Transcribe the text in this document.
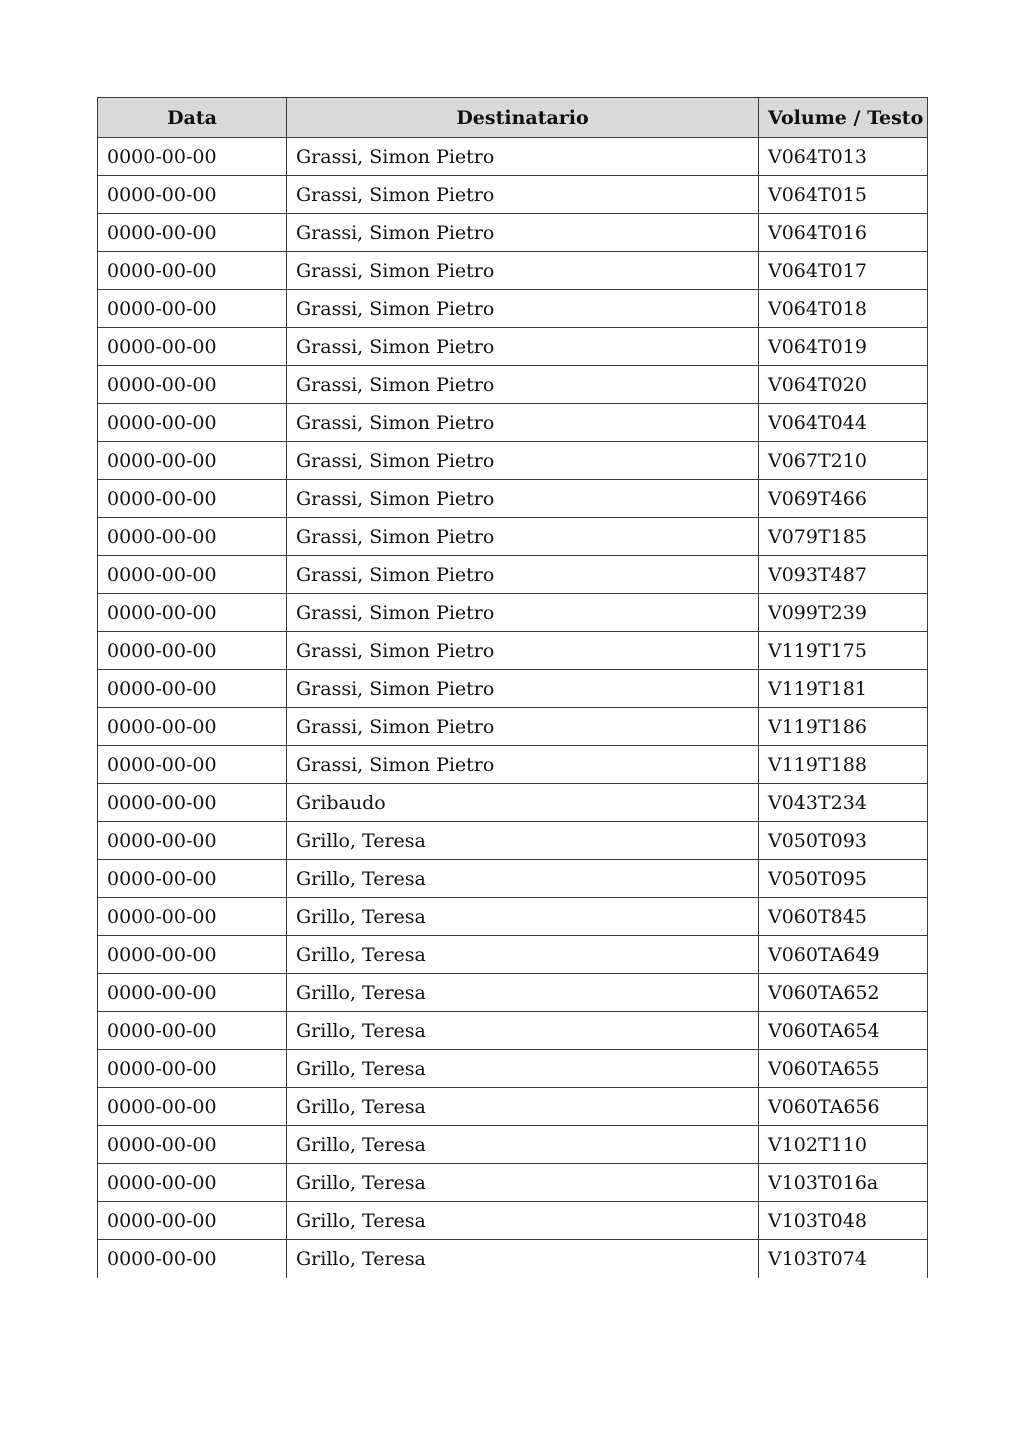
Data	Destinatario	Volume / Testo
0000-00-00	Grassi, Simon Pietro	V064T013
0000-00-00	Grassi, Simon Pietro	V064T015
0000-00-00	Grassi, Simon Pietro	V064T016
0000-00-00	Grassi, Simon Pietro	V064T017
0000-00-00	Grassi, Simon Pietro	V064T018
0000-00-00	Grassi, Simon Pietro	V064T019
0000-00-00	Grassi, Simon Pietro	V064T020
0000-00-00	Grassi, Simon Pietro	V064T044
0000-00-00	Grassi, Simon Pietro	V067T210
0000-00-00	Grassi, Simon Pietro	V069T466
0000-00-00	Grassi, Simon Pietro	V079T185
0000-00-00	Grassi, Simon Pietro	V093T487
0000-00-00	Grassi, Simon Pietro	V099T239
0000-00-00	Grassi, Simon Pietro	V119T175
0000-00-00	Grassi, Simon Pietro	V119T181
0000-00-00	Grassi, Simon Pietro	V119T186
0000-00-00	Grassi, Simon Pietro	V119T188
0000-00-00	Gribaudo	V043T234
0000-00-00	Grillo, Teresa	V050T093
0000-00-00	Grillo, Teresa	V050T095
0000-00-00	Grillo, Teresa	V060T845
0000-00-00	Grillo, Teresa	V060TA649
0000-00-00	Grillo, Teresa	V060TA652
0000-00-00	Grillo, Teresa	V060TA654
0000-00-00	Grillo, Teresa	V060TA655
0000-00-00	Grillo, Teresa	V060TA656
0000-00-00	Grillo, Teresa	V102T110
0000-00-00	Grillo, Teresa	V103T016a
0000-00-00	Grillo, Teresa	V103T048
0000-00-00	Grillo, Teresa	V103T074
